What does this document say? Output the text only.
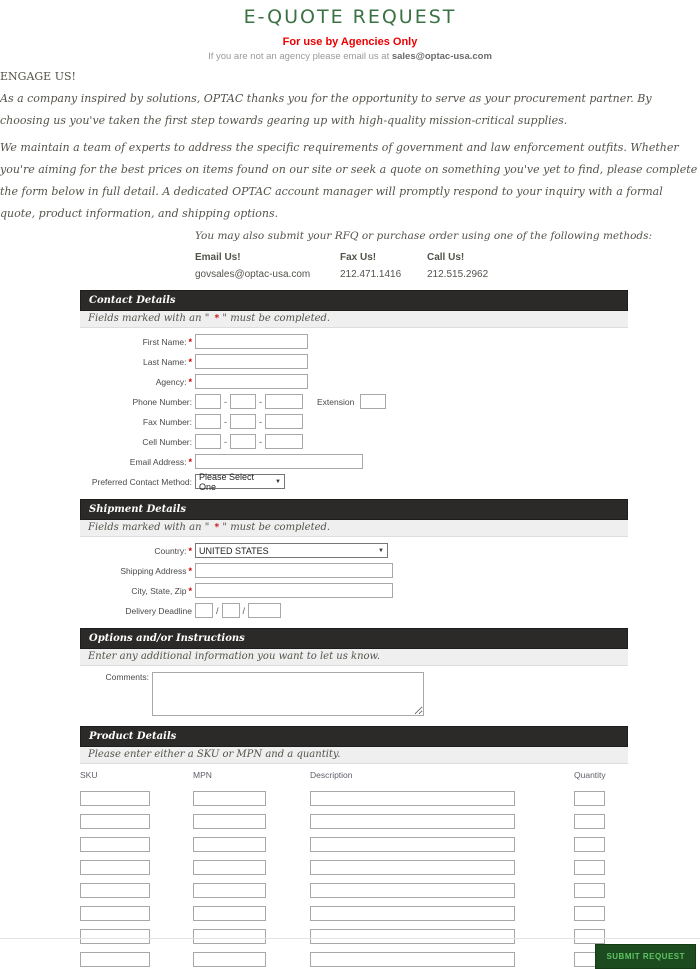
E-QUOTE REQUEST
For use by Agencies Only
If you are not an agency please email us at sales@optac-usa.com
ENGAGE US!

As a company inspired by solutions, OPTAC thanks you for the opportunity to serve as your procurement partner. By choosing us you've taken the first step towards gearing up with high-quality mission-critical supplies.

We maintain a team of experts to address the specific requirements of government and law enforcement outfits. Whether you're aiming for the best prices on items found on our site or seek a quote on something you've yet to find, please complete the form below in full detail. A dedicated OPTAC account manager will promptly respond to your inquiry with a formal quote, product information, and shipping options.

You may also submit your RFQ or purchase order using one of the following methods:
Email Us!
govsales@optac-usa.com
Fax Us!
212.471.1416
Call Us!
212.515.2962
Contact Details
Fields marked with an " * " must be completed.
First Name: *
Last Name: *
Agency: *
Phone Number:	-	-	Extension
Fax Number:	-	-
Cell Number:	-	-
Email Address: *
Preferred Contact Method: Please Select One	▼
Shipment Details
Fields marked with an " * " must be completed.
Country: * UNITED STATES	▼
Shipping Address *
City, State, Zip *
Delivery Deadline	/	/
Options and/or Instructions
Enter any additional information you want to let us know.
Comments:
Product Details
Please enter either a SKU or MPN and a quantity.
SKU	MPN	Description	Quantity
SUBMIT REQUEST
